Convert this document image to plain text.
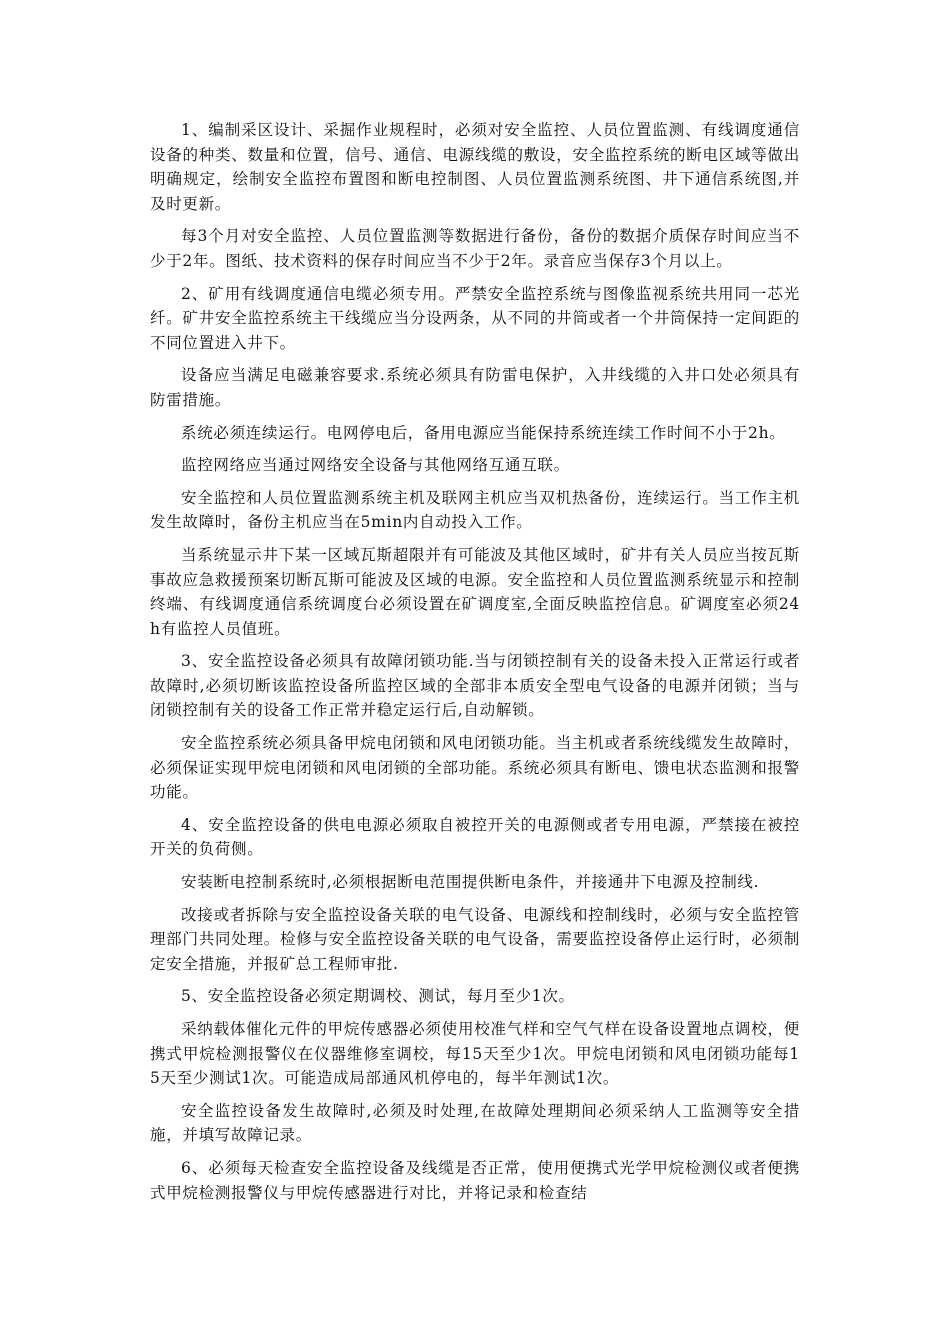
1、编制采区设计、采掘作业规程时，必须对安全监控、人员位置监测、有线调度通信设备的种类、数量和位置，信号、通信、电源线缆的敷设，安全监控系统的断电区域等做出明确规定，绘制安全监控布置图和断电控制图、人员位置监测系统图、井下通信系统图,并及时更新。

每3个月对安全监控、人员位置监测等数据进行备份，备份的数据介质保存时间应当不少于2年。图纸、技术资料的保存时间应当不少于2年。录音应当保存3个月以上。

2、矿用有线调度通信电缆必须专用。严禁安全监控系统与图像监视系统共用同一芯光纤。矿井安全监控系统主干线缆应当分设两条，从不同的井筒或者一个井筒保持一定间距的不同位置进入井下。

设备应当满足电磁兼容要求.系统必须具有防雷电保护，入井线缆的入井口处必须具有防雷措施。

系统必须连续运行。电网停电后，备用电源应当能保持系统连续工作时间不小于2h。

监控网络应当通过网络安全设备与其他网络互通互联。

安全监控和人员位置监测系统主机及联网主机应当双机热备份，连续运行。当工作主机发生故障时，备份主机应当在5min内自动投入工作。

当系统显示井下某一区域瓦斯超限并有可能波及其他区域时，矿井有关人员应当按瓦斯事故应急救援预案切断瓦斯可能波及区域的电源。安全监控和人员位置监测系统显示和控制终端、有线调度通信系统调度台必须设置在矿调度室,全面反映监控信息。矿调度室必须24h有监控人员值班。

3、安全监控设备必须具有故障闭锁功能.当与闭锁控制有关的设备未投入正常运行或者故障时,必须切断该监控设备所监控区域的全部非本质安全型电气设备的电源并闭锁；当与闭锁控制有关的设备工作正常并稳定运行后,自动解锁。

安全监控系统必须具备甲烷电闭锁和风电闭锁功能。当主机或者系统线缆发生故障时，必须保证实现甲烷电闭锁和风电闭锁的全部功能。系统必须具有断电、馈电状态监测和报警功能。

4、安全监控设备的供电电源必须取自被控开关的电源侧或者专用电源，严禁接在被控开关的负荷侧。

安装断电控制系统时,必须根据断电范围提供断电条件，并接通井下电源及控制线.

改接或者拆除与安全监控设备关联的电气设备、电源线和控制线时，必须与安全监控管理部门共同处理。检修与安全监控设备关联的电气设备，需要监控设备停止运行时，必须制定安全措施，并报矿总工程师审批.

5、安全监控设备必须定期调校、测试，每月至少1次。

采纳载体催化元件的甲烷传感器必须使用校准气样和空气气样在设备设置地点调校，便携式甲烷检测报警仪在仪器维修室调校，每15天至少1次。甲烷电闭锁和风电闭锁功能每15天至少测试1次。可能造成局部通风机停电的，每半年测试1次。

安全监控设备发生故障时,必须及时处理,在故障处理期间必须采纳人工监测等安全措施，并填写故障记录。

6、必须每天检查安全监控设备及线缆是否正常，使用便携式光学甲烷检测仪或者便携式甲烷检测报警仪与甲烷传感器进行对比，并将记录和检查结
